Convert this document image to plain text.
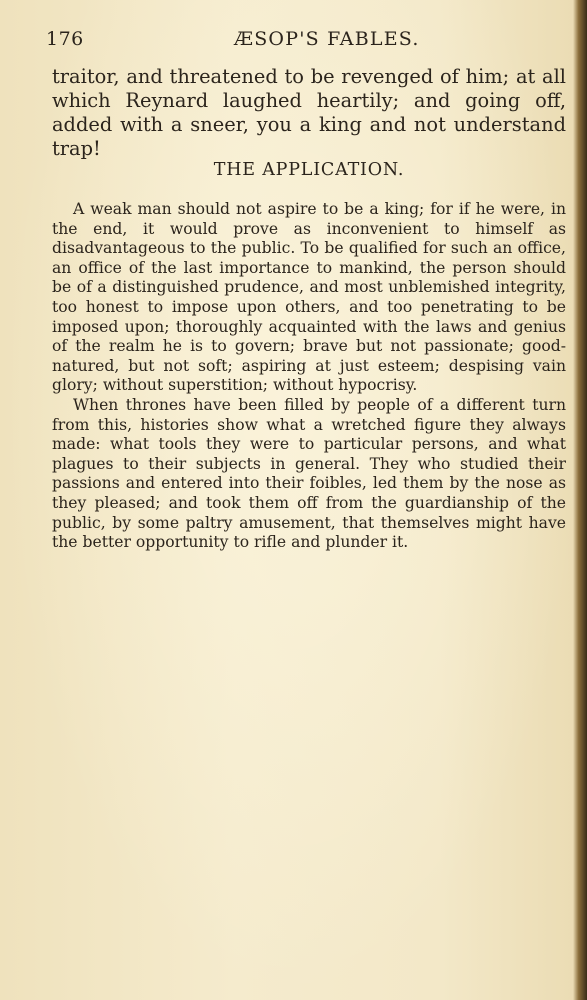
176	ÆSOP'S FABLES.
traitor, and threatened to be revenged of him; at all which Reynard laughed heartily; and going off, added with a sneer, you a king and not understand trap!
THE APPLICATION.

A weak man should not aspire to be a king; for if he were, in the end, it would prove as inconvenient to himself as disadvantageous to the public. To be qualified for such an office, an office of the last importance to mankind, the person should be of a distinguished prudence, and most unblemished integrity, too honest to impose upon others, and too penetrating to be imposed upon; thoroughly acquainted with the laws and genius of the realm he is to govern; brave but not passionate; good-natured, but not soft; aspiring at just esteem; despising vain glory; without superstition; without hypocrisy.

When thrones have been filled by people of a different turn from this, histories show what a wretched figure they always made: what tools they were to particular persons, and what plagues to their subjects in general. They who studied their passions and entered into their foibles, led them by the nose as they pleased; and took them off from the guardianship of the public, by some paltry amusement, that themselves might have the better opportunity to rifle and plunder it.
